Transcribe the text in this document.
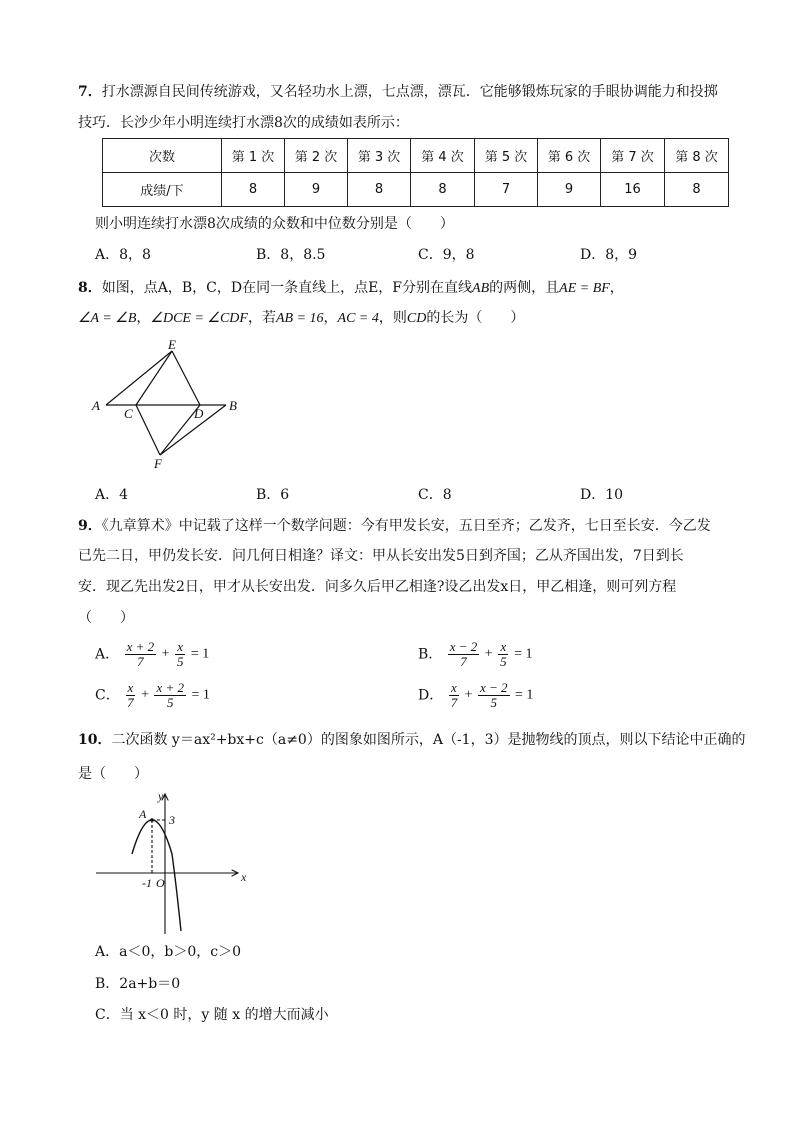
7．打水漂源自民间传统游戏，又名轻功水上漂，七点漂，漂瓦．它能够锻炼玩家的手眼协调能力和投掷
技巧．长沙少年小明连续打水漂8次的成绩如表所示：
次数	第 1 次	第 2 次	第 3 次	第 4 次	第 5 次	第 6 次	第 7 次	第 8 次
成绩/下	8	9	8	8	7	9	16	8
则小明连续打水漂8次成绩的众数和中位数分别是（　　）
A．8，8	B．8，8.5	C．9，8	D．8，9
8．如图，点A，B，C，D在同一条直线上，点E，F分别在直线AB的两侧，且AE = BF，
∠A = ∠B，∠DCE = ∠CDF，若AB = 16，AC = 4，则CD的长为（　　）
A	B
C	D
E
F
A．4	B．6	C．8	D．10
9．《九章算术》中记载了这样一个数学问题：今有甲发长安，五日至齐；乙发齐，七日至长安．今乙发
已先二日，甲仍发长安．问几何日相逢？译文：甲从长安出发5日到齐国；乙从齐国出发，7日到长
安．现乙先出发2日，甲才从长安出发．问多久后甲乙相逢?设乙出发x日，甲乙相逢，则可列方程
（　　）
A． $\frac{x + 2}{7} + \frac{x}{5} = 1$	B． $\frac{x - 2}{7} + \frac{x}{5} = 1$
C． $\frac{x}{7} + \frac{x + 2}{5} = 1$	D． $\frac{x}{7} + \frac{x - 2}{5} = 1$
10．二次函数 y＝ax²+bx+c（a≠0）的图象如图所示，A（-1，3）是抛物线的顶点，则以下结论中正确的
是（　　）
y
x
A 3
-1 O
A．a＜0，b＞0，c＞0
B．2a+b＝0
C．当 x＜0 时，y 随 x 的增大而减小
